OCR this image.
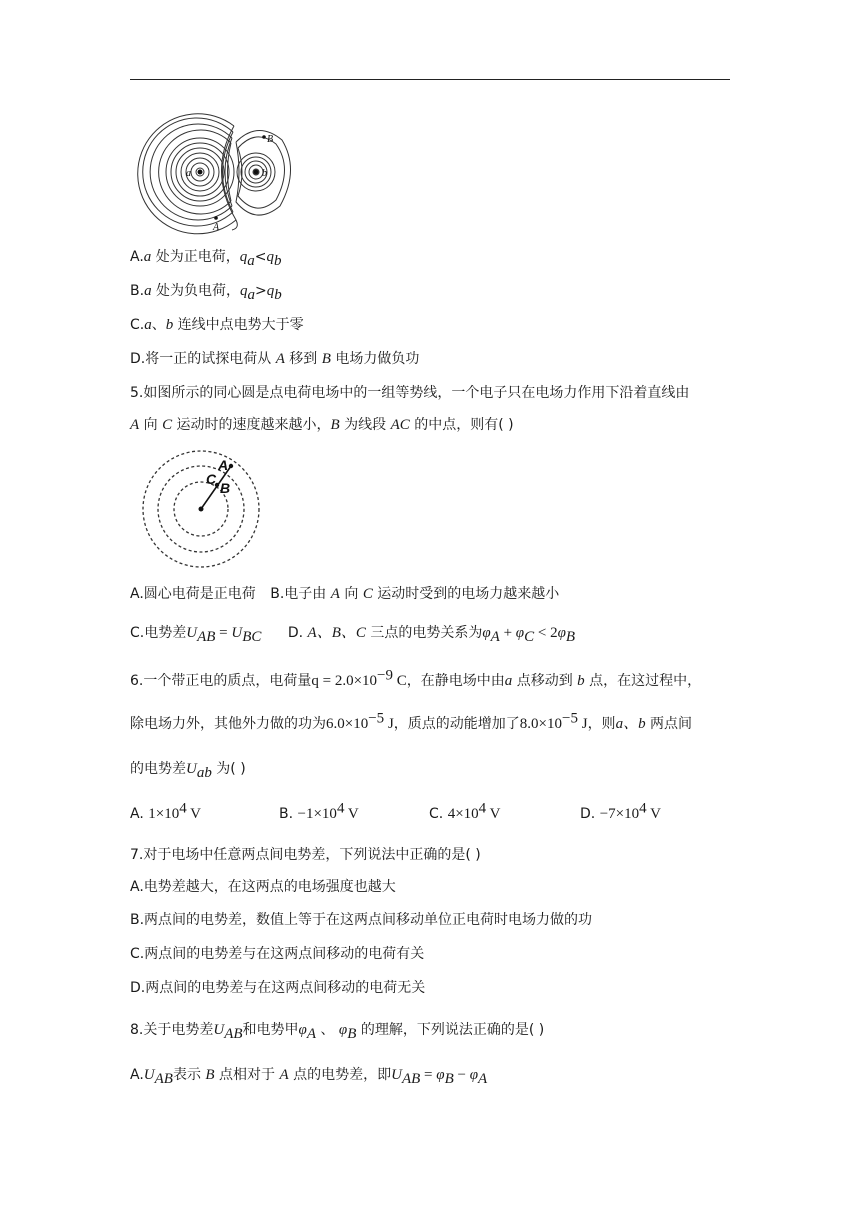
a	b
B
A
A.a 处为正电荷，$q_a<q_b$
B.a 处为负电荷，$q_a>q_b$
C.a、b 连线中点电势大于零
D.将一正的试探电荷从 A 移到 B 电场力做负功
5.如图所示的同心圆是点电荷电场中的一组等势线，一个电子只在电场力作用下沿着直线由
A 向 C 运动时的速度越来越小，B 为线段 AC 的中点，则有( )
A
C
B
A.圆心电荷是正电荷 B.电子由 A 向 C 运动时受到的电场力越来越小
C.电势差$U_{AB} = U_{BC}$ D. A、B、C 三点的电势关系为$\varphi_A + \varphi_C < 2\varphi_B$
6.一个带正电的质点，电荷量$q = 2.0\times 10^{-9}$ C，在静电场中由a 点移动到 b 点，在这过程中，
除电场力外，其他外力做的功为$6.0\times 10^{-5}$ J，质点的动能增加了$8.0\times 10^{-5}$ J，则a、b 两点间
的电势差$U_{ab}$ 为( )
A. $1\times 10^4$ V	B. $-1\times 10^4$ V	C. $4\times 10^4$ V	D. $-7\times 10^4$ V
7.对于电场中任意两点间电势差，下列说法中正确的是( )
A.电势差越大，在这两点的电场强度也越大
B.两点间的电势差，数值上等于在这两点间移动单位正电荷时电场力做的功
C.两点间的电势差与在这两点间移动的电荷有关
D.两点间的电势差与在这两点间移动的电荷无关
8.关于电势差$U_{AB}$和电势甲$\varphi_A$ 、 $\varphi_B$ 的理解，下列说法正确的是( )
$A.U_{AB}$表示 B 点相对于 A 点的电势差，即$U_{AB} = \varphi_B - \varphi_A$
